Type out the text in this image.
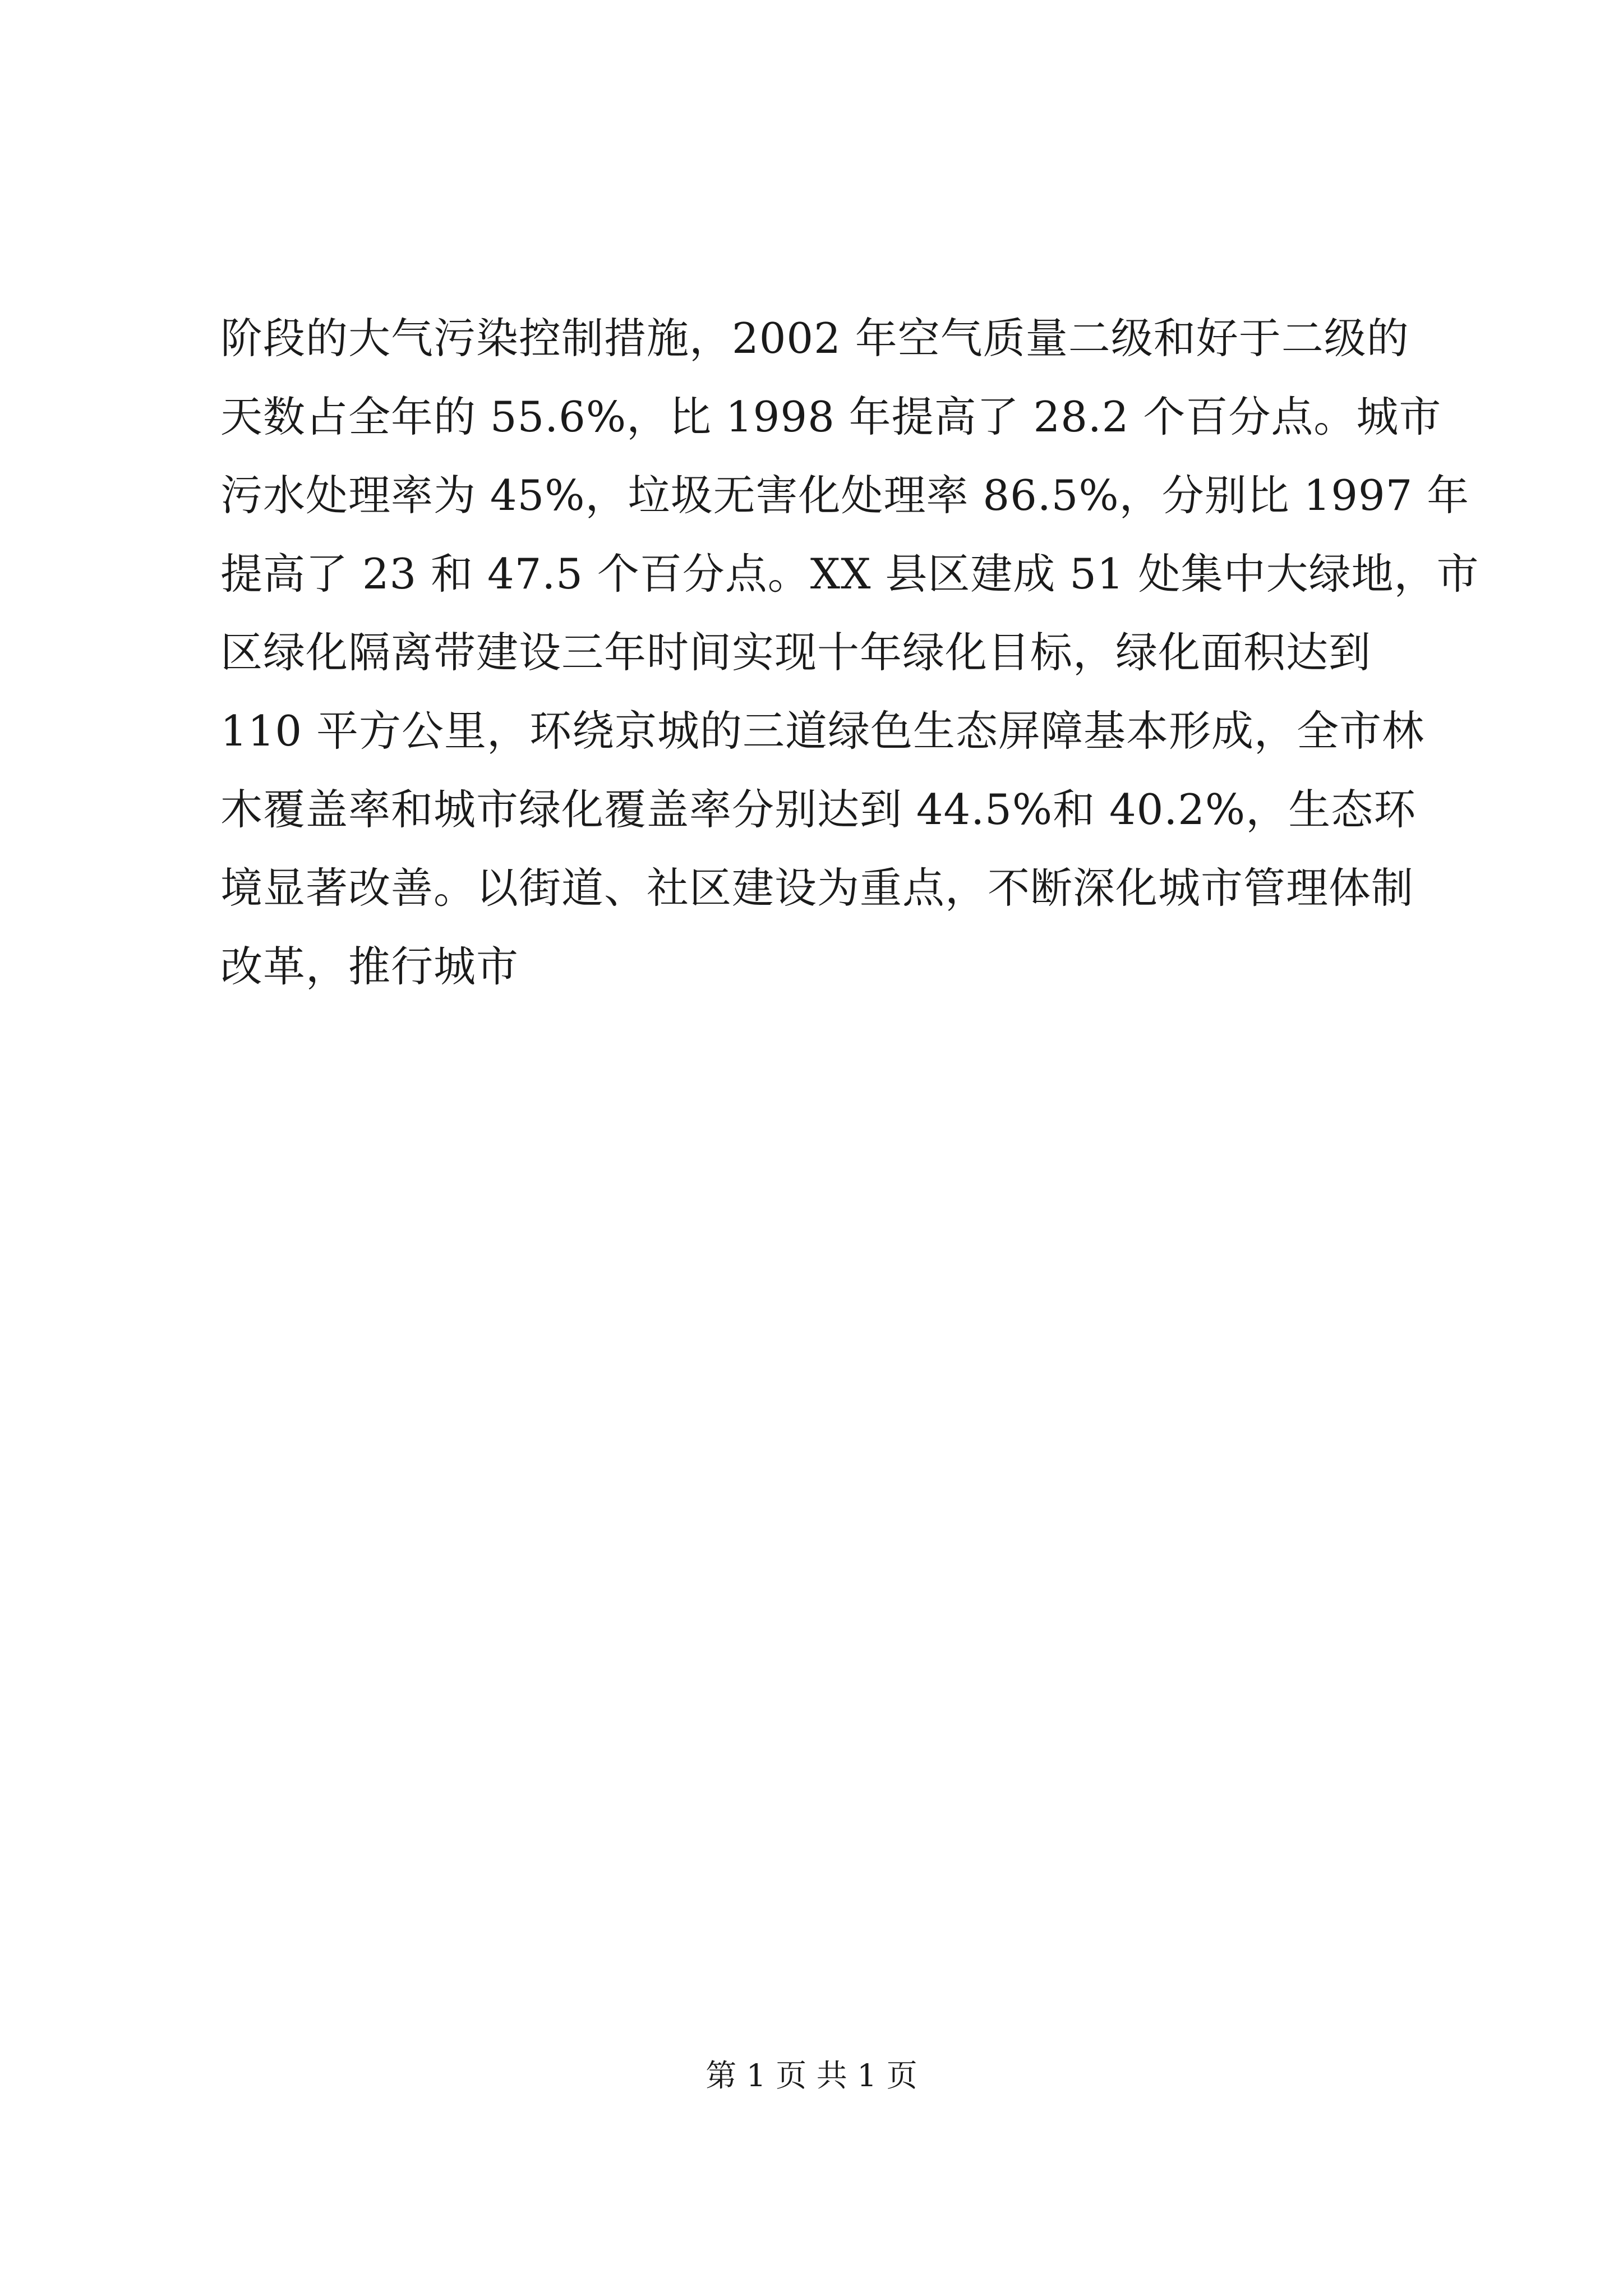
阶段的大气污染控制措施，2002 年空气质量二级和好于二级的
天数占全年的 55.6%，比 1998 年提高了 28.2 个百分点。城市
污水处理率为 45%，垃圾无害化处理率 86.5%，分别比 1997 年
提高了 23 和 47.5 个百分点。XX 县区建成 51 处集中大绿地，市
区绿化隔离带建设三年时间实现十年绿化目标，绿化面积达到
110 平方公里，环绕京城的三道绿色生态屏障基本形成，全市林
木覆盖率和城市绿化覆盖率分别达到 44.5%和 40.2%，生态环
境显著改善。以街道、社区建设为重点，不断深化城市管理体制
改革，推行城市
第 1 页 共 1 页
